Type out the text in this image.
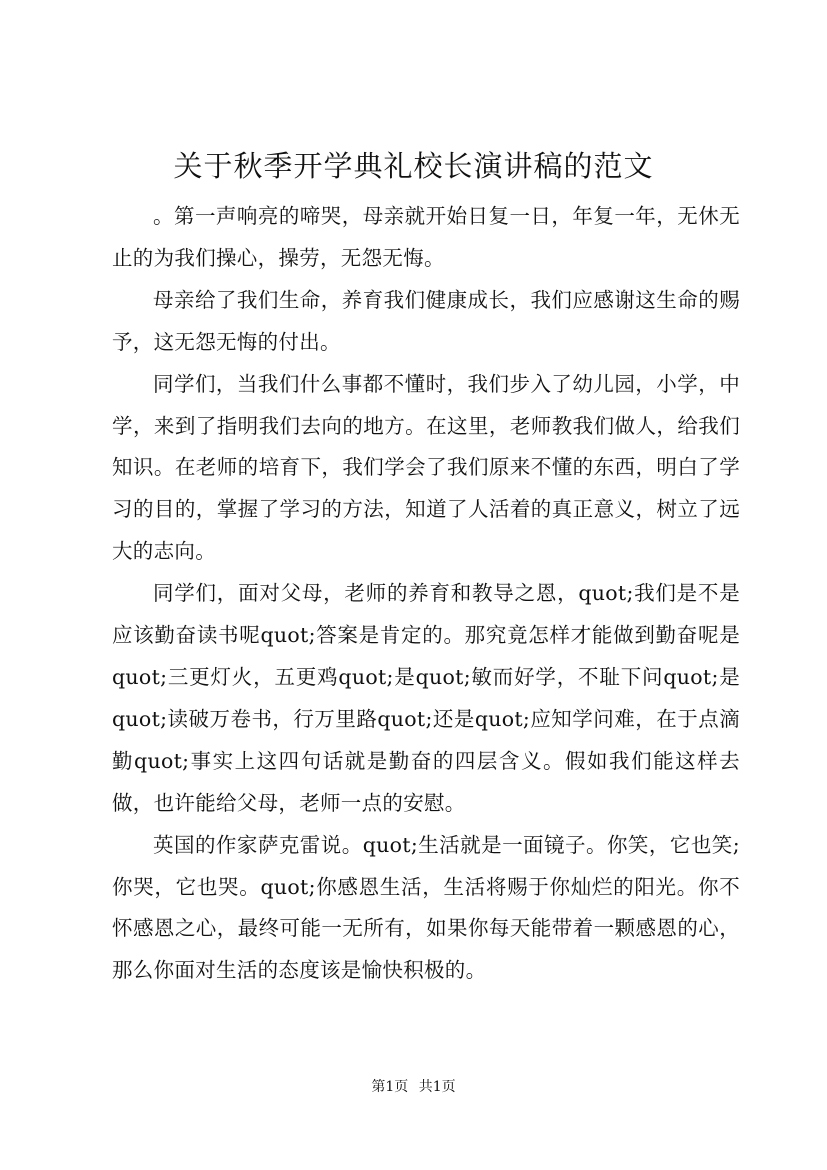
关于秋季开学典礼校长演讲稿的范文

。第一声响亮的啼哭，母亲就开始日复一日，年复一年，无休无止的为我们操心，操劳，无怨无悔。

母亲给了我们生命，养育我们健康成长，我们应感谢这生命的赐予，这无怨无悔的付出。

同学们，当我们什么事都不懂时，我们步入了幼儿园，小学，中学，来到了指明我们去向的地方。在这里，老师教我们做人，给我们知识。在老师的培育下，我们学会了我们原来不懂的东西，明白了学习的目的，掌握了学习的方法，知道了人活着的真正意义，树立了远大的志向。

同学们，面对父母，老师的养育和教导之恩，quot;我们是不是应该勤奋读书呢quot;答案是肯定的。那究竟怎样才能做到勤奋呢是quot;三更灯火，五更鸡quot;是quot;敏而好学，不耻下问quot;是quot;读破万卷书，行万里路quot;还是quot;应知学问难，在于点滴勤quot;事实上这四句话就是勤奋的四层含义。假如我们能这样去做，也许能给父母，老师一点的安慰。

英国的作家萨克雷说。quot;生活就是一面镜子。你笑，它也笑;你哭，它也哭。quot;你感恩生活，生活将赐于你灿烂的阳光。你不怀感恩之心，最终可能一无所有，如果你每天能带着一颗感恩的心，那么你面对生活的态度该是愉快积极的。

第1页 共1页
